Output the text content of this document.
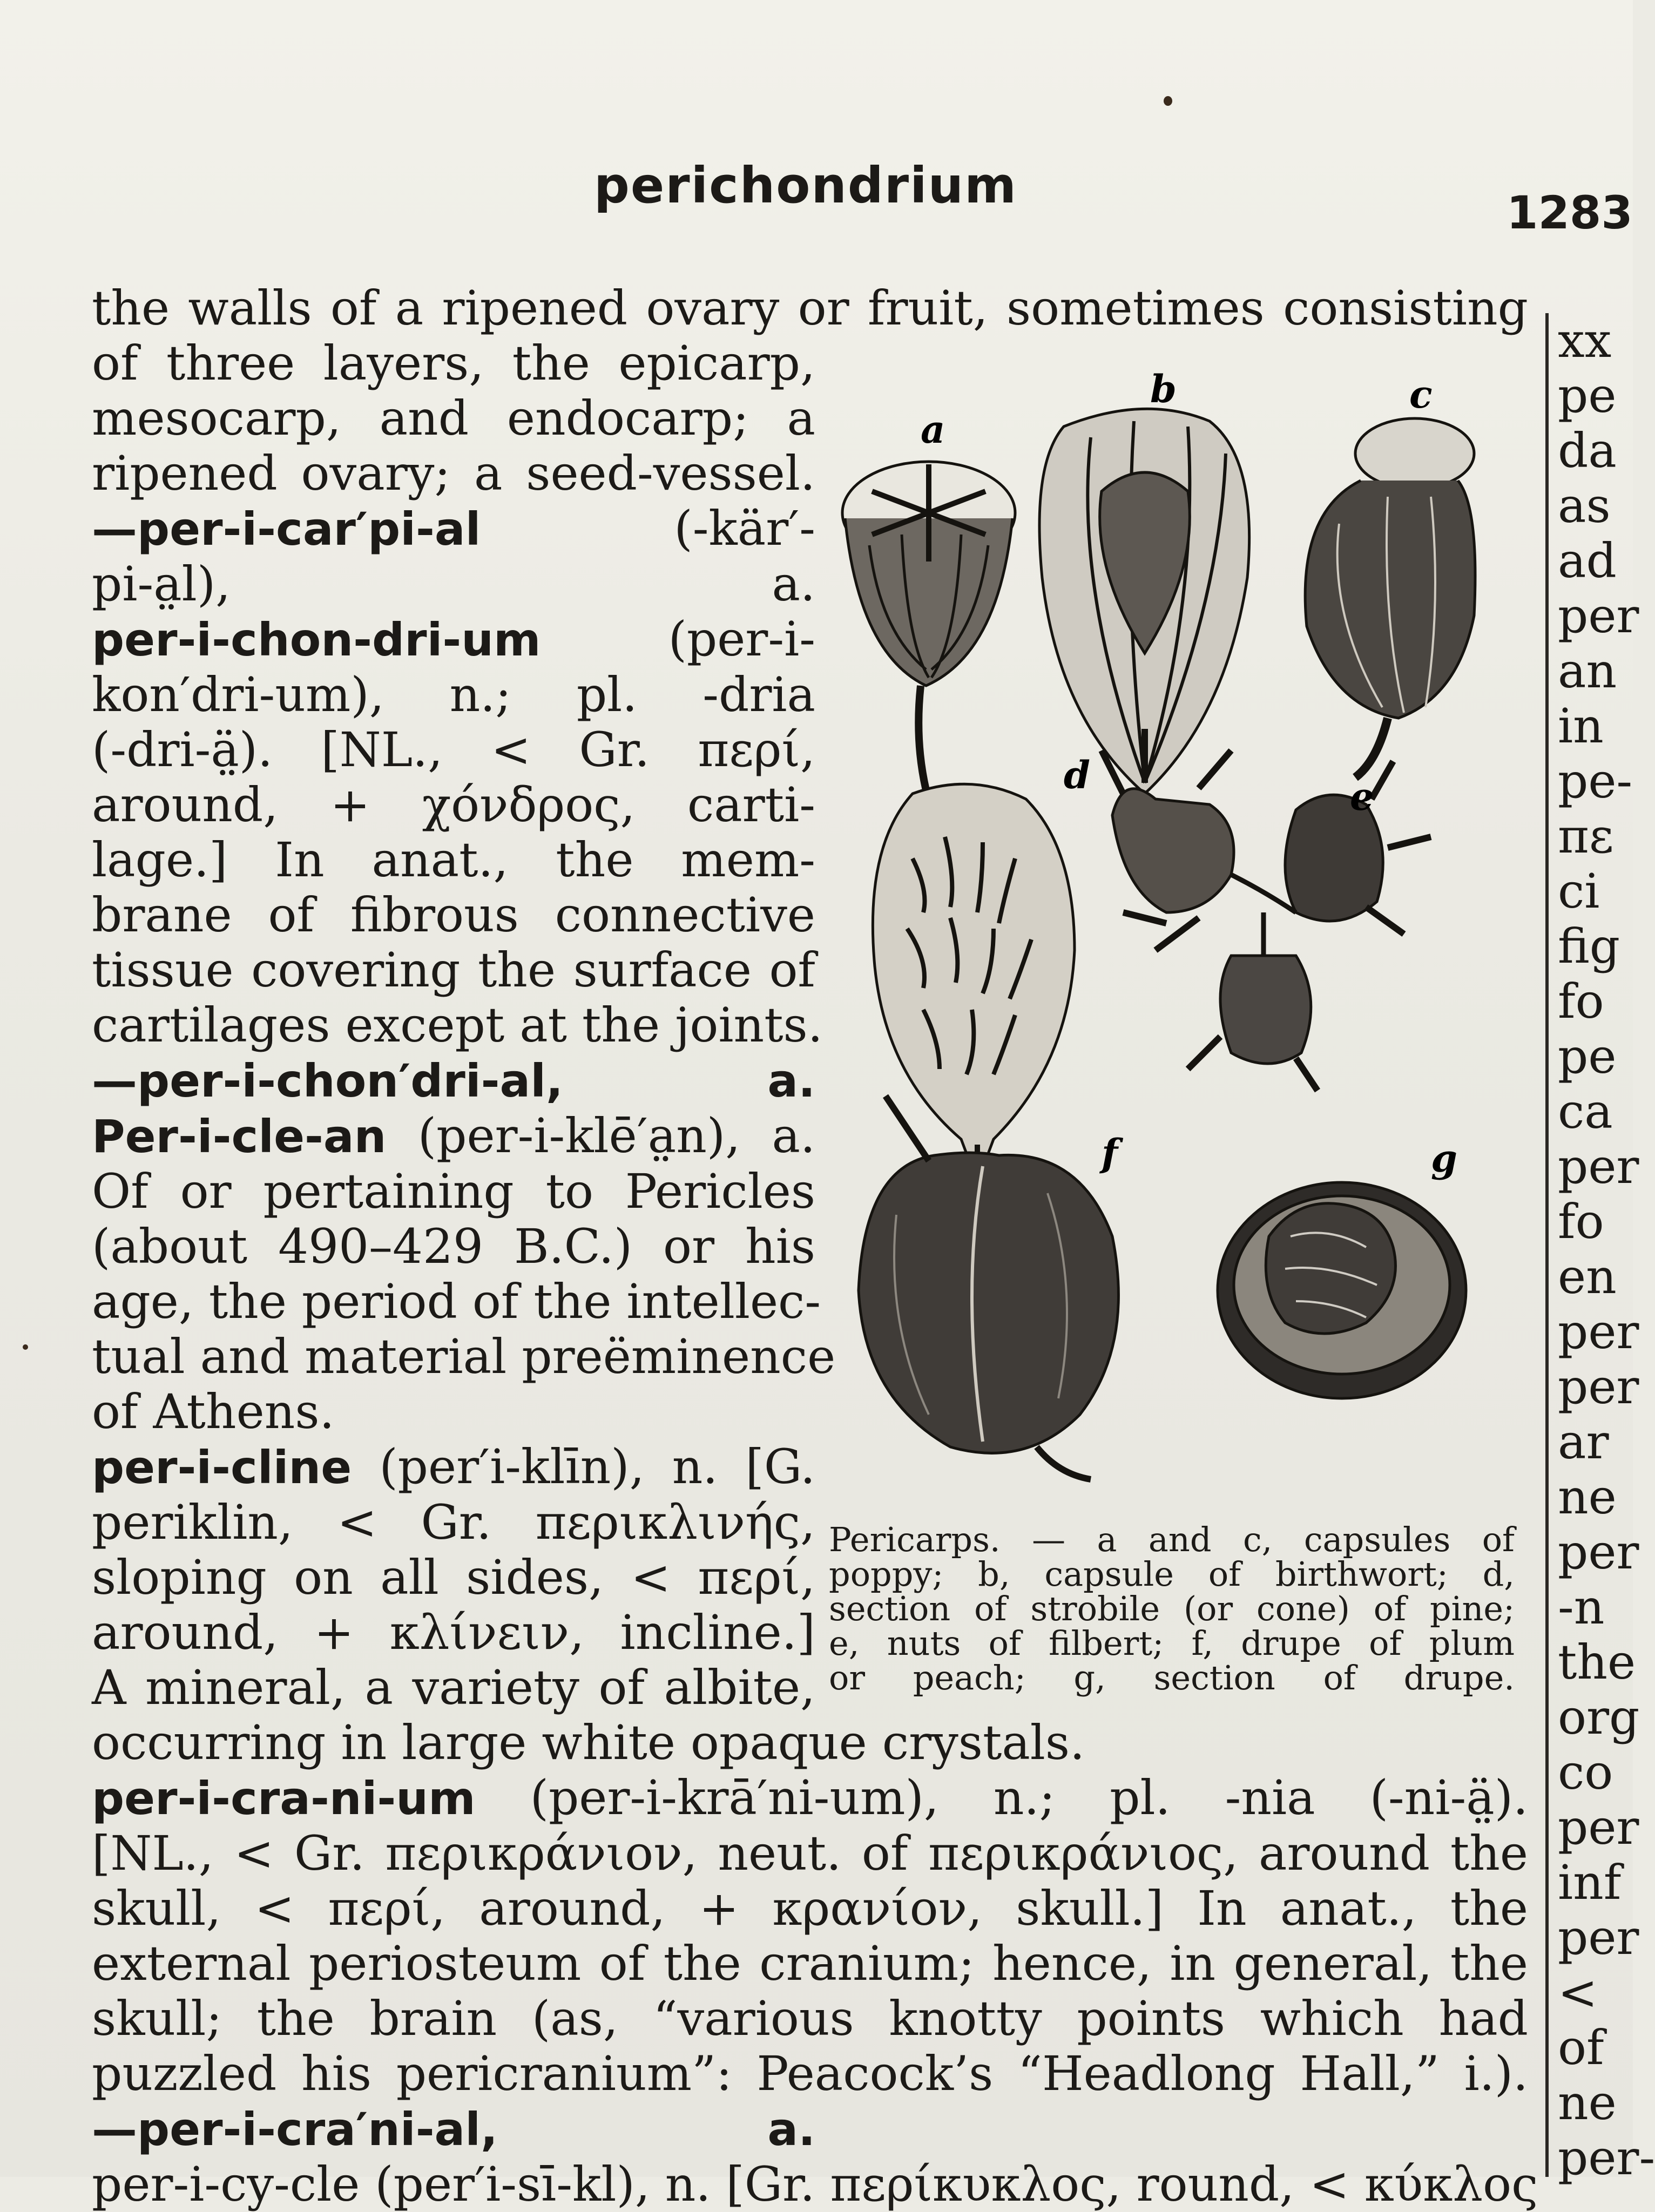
perichondrium	1283
the walls of a ripened ovary or fruit, sometimes consisting
of three layers, the epicarp,
mesocarp, and endocarp; a
ripened ovary; a seed-vessel.
—per-i-car′pi-al (-kär′-
pi-a̤l), a.
per-i-chon-dri-um (per-i-
kon′dri-um), n.; pl. -dria
(-dri-ä̤). [NL., < Gr. περί,
around, + χόνδρος, carti-
lage.] In anat., the mem-
brane of fibrous connective
tissue covering the surface of
cartilages except at the joints.
—per-i-chon′dri-al, a.
Per-i-cle-an (per-i-klē′a̤n), a.
Of or pertaining to Pericles
(about 490–429 B.C.) or his
age, the period of the intellec-
tual and material preëminence
of Athens.
per-i-cline (per′i-klīn), n. [G.
periklin, < Gr. περικλινής,
sloping on all sides, < περί,
around, + κλίνειν, incline.]
A mineral, a variety of albite,
occurring in large white opaque crystals.
per-i-cra-ni-um (per-i-krā′ni-um), n.; pl. -nia (-ni-ä̤).
[NL., < Gr. περικράνιον, neut. of περικράνιος, around the
skull, < περί, around, + κρανίον, skull.] In anat., the
external periosteum of the cranium; hence, in general, the
skull; the brain (as, “various knotty points which had
puzzled his pericranium”: Peacock’s “Headlong Hall,” i.).
—per-i-cra′ni-al, a.
per-i-cy-cle (per′i-sī-kl), n. [Gr. περίκυκλος, round, < κύκλος
a
b	c
d	e
f	g
Pericarps. — a and c, capsules of
poppy; b, capsule of birthwort; d,
section of strobile (or cone) of pine;
e, nuts of filbert; f, drupe of plum
or peach; g, section of drupe.
xx
pe
da
as
ad
per
an
in
pe-
πε
ci
fig
fo
pe
ca
per
fo
en
per
per
ar
ne
per
-n
the
org
co
per
inf
per
<
of
ne
per-
